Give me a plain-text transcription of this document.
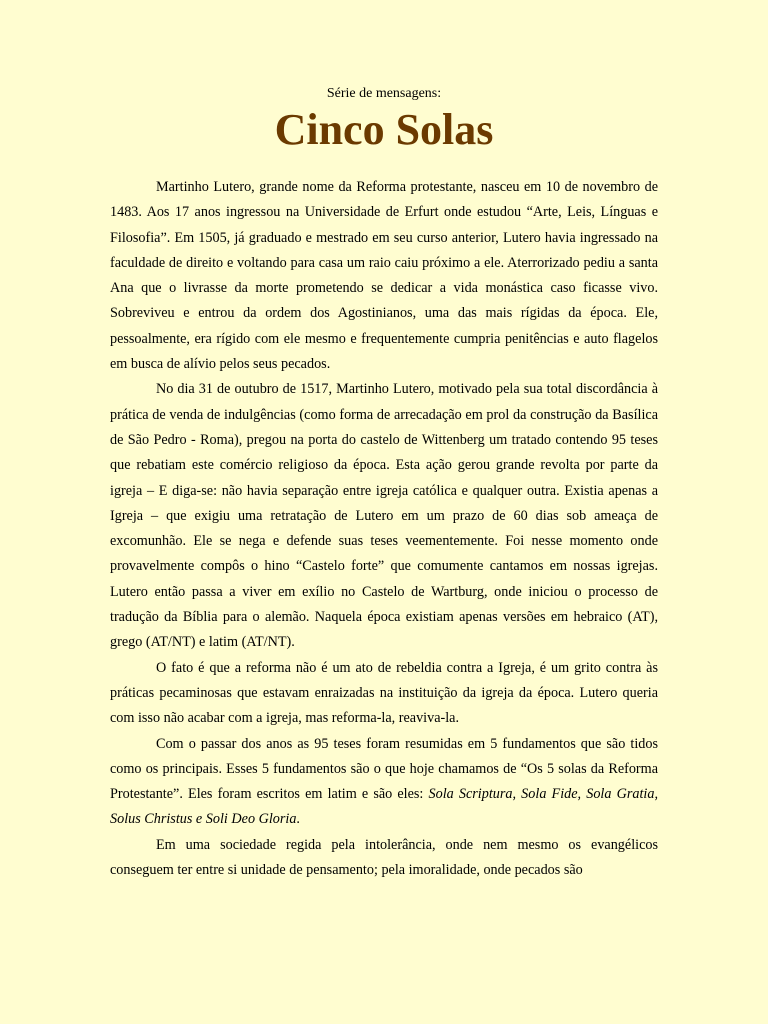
Série de mensagens:
Cinco Solas

Martinho Lutero, grande nome da Reforma protestante, nasceu em 10 de novembro de 1483. Aos 17 anos ingressou na Universidade de Erfurt onde estudou “Arte, Leis, Línguas e Filosofia”. Em 1505, já graduado e mestrado em seu curso anterior, Lutero havia ingressado na faculdade de direito e voltando para casa um raio caiu próximo a ele. Aterrorizado pediu a santa Ana que o livrasse da morte prometendo se dedicar a vida monástica caso ficasse vivo. Sobreviveu e entrou da ordem dos Agostinianos, uma das mais rígidas da época. Ele, pessoalmente, era rígido com ele mesmo e frequentemente cumpria penitências e auto flagelos em busca de alívio pelos seus pecados.

No dia 31 de outubro de 1517, Martinho Lutero, motivado pela sua total discordância à prática de venda de indulgências (como forma de arrecadação em prol da construção da Basílica de São Pedro - Roma), pregou na porta do castelo de Wittenberg um tratado contendo 95 teses que rebatiam este comércio religioso da época. Esta ação gerou grande revolta por parte da igreja – E diga-se: não havia separação entre igreja católica e qualquer outra. Existia apenas a Igreja – que exigiu uma retratação de Lutero em um prazo de 60 dias sob ameaça de excomunhão. Ele se nega e defende suas teses veementemente. Foi nesse momento onde provavelmente compôs o hino “Castelo forte” que comumente cantamos em nossas igrejas. Lutero então passa a viver em exílio no Castelo de Wartburg, onde iniciou o processo de tradução da Bíblia para o alemão. Naquela época existiam apenas versões em hebraico (AT), grego (AT/NT) e latim (AT/NT).

O fato é que a reforma não é um ato de rebeldia contra a Igreja, é um grito contra às práticas pecaminosas que estavam enraizadas na instituição da igreja da época. Lutero queria com isso não acabar com a igreja, mas reforma-la, reaviva-la.

Com o passar dos anos as 95 teses foram resumidas em 5 fundamentos que são tidos como os principais. Esses 5 fundamentos são o que hoje chamamos de “Os 5 solas da Reforma Protestante”. Eles foram escritos em latim e são eles: Sola Scriptura, Sola Fide, Sola Gratia, Solus Christus e Soli Deo Gloria.

Em uma sociedade regida pela intolerância, onde nem mesmo os evangélicos conseguem ter entre si unidade de pensamento; pela imoralidade, onde pecados são
